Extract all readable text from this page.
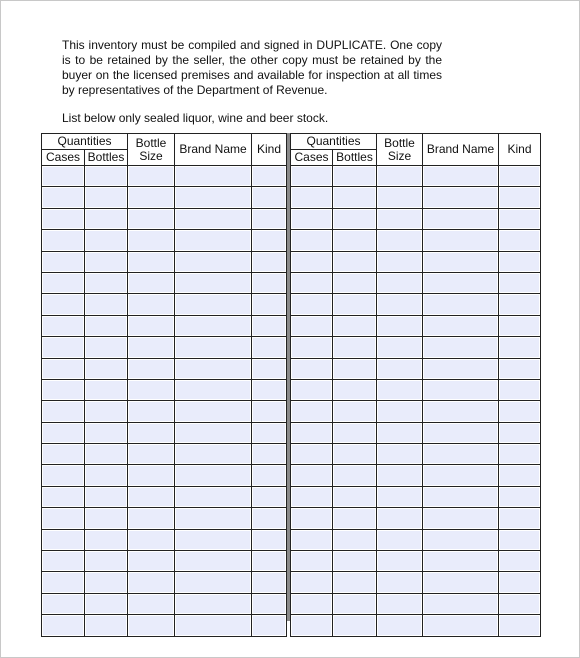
This inventory must be compiled and signed in DUPLICATE. One copy is to be retained by the seller, the other copy must be retained by the buyer on the licensed premises and available for inspection at all times by representatives of the Department of Revenue.

List below only sealed liquor, wine and beer stock.

Quantities		Bottle Size	Brand Name	Kind
Cases	Bottles			

Quantities		Bottle Size	Brand Name	Kind
Cases	Bottles			
